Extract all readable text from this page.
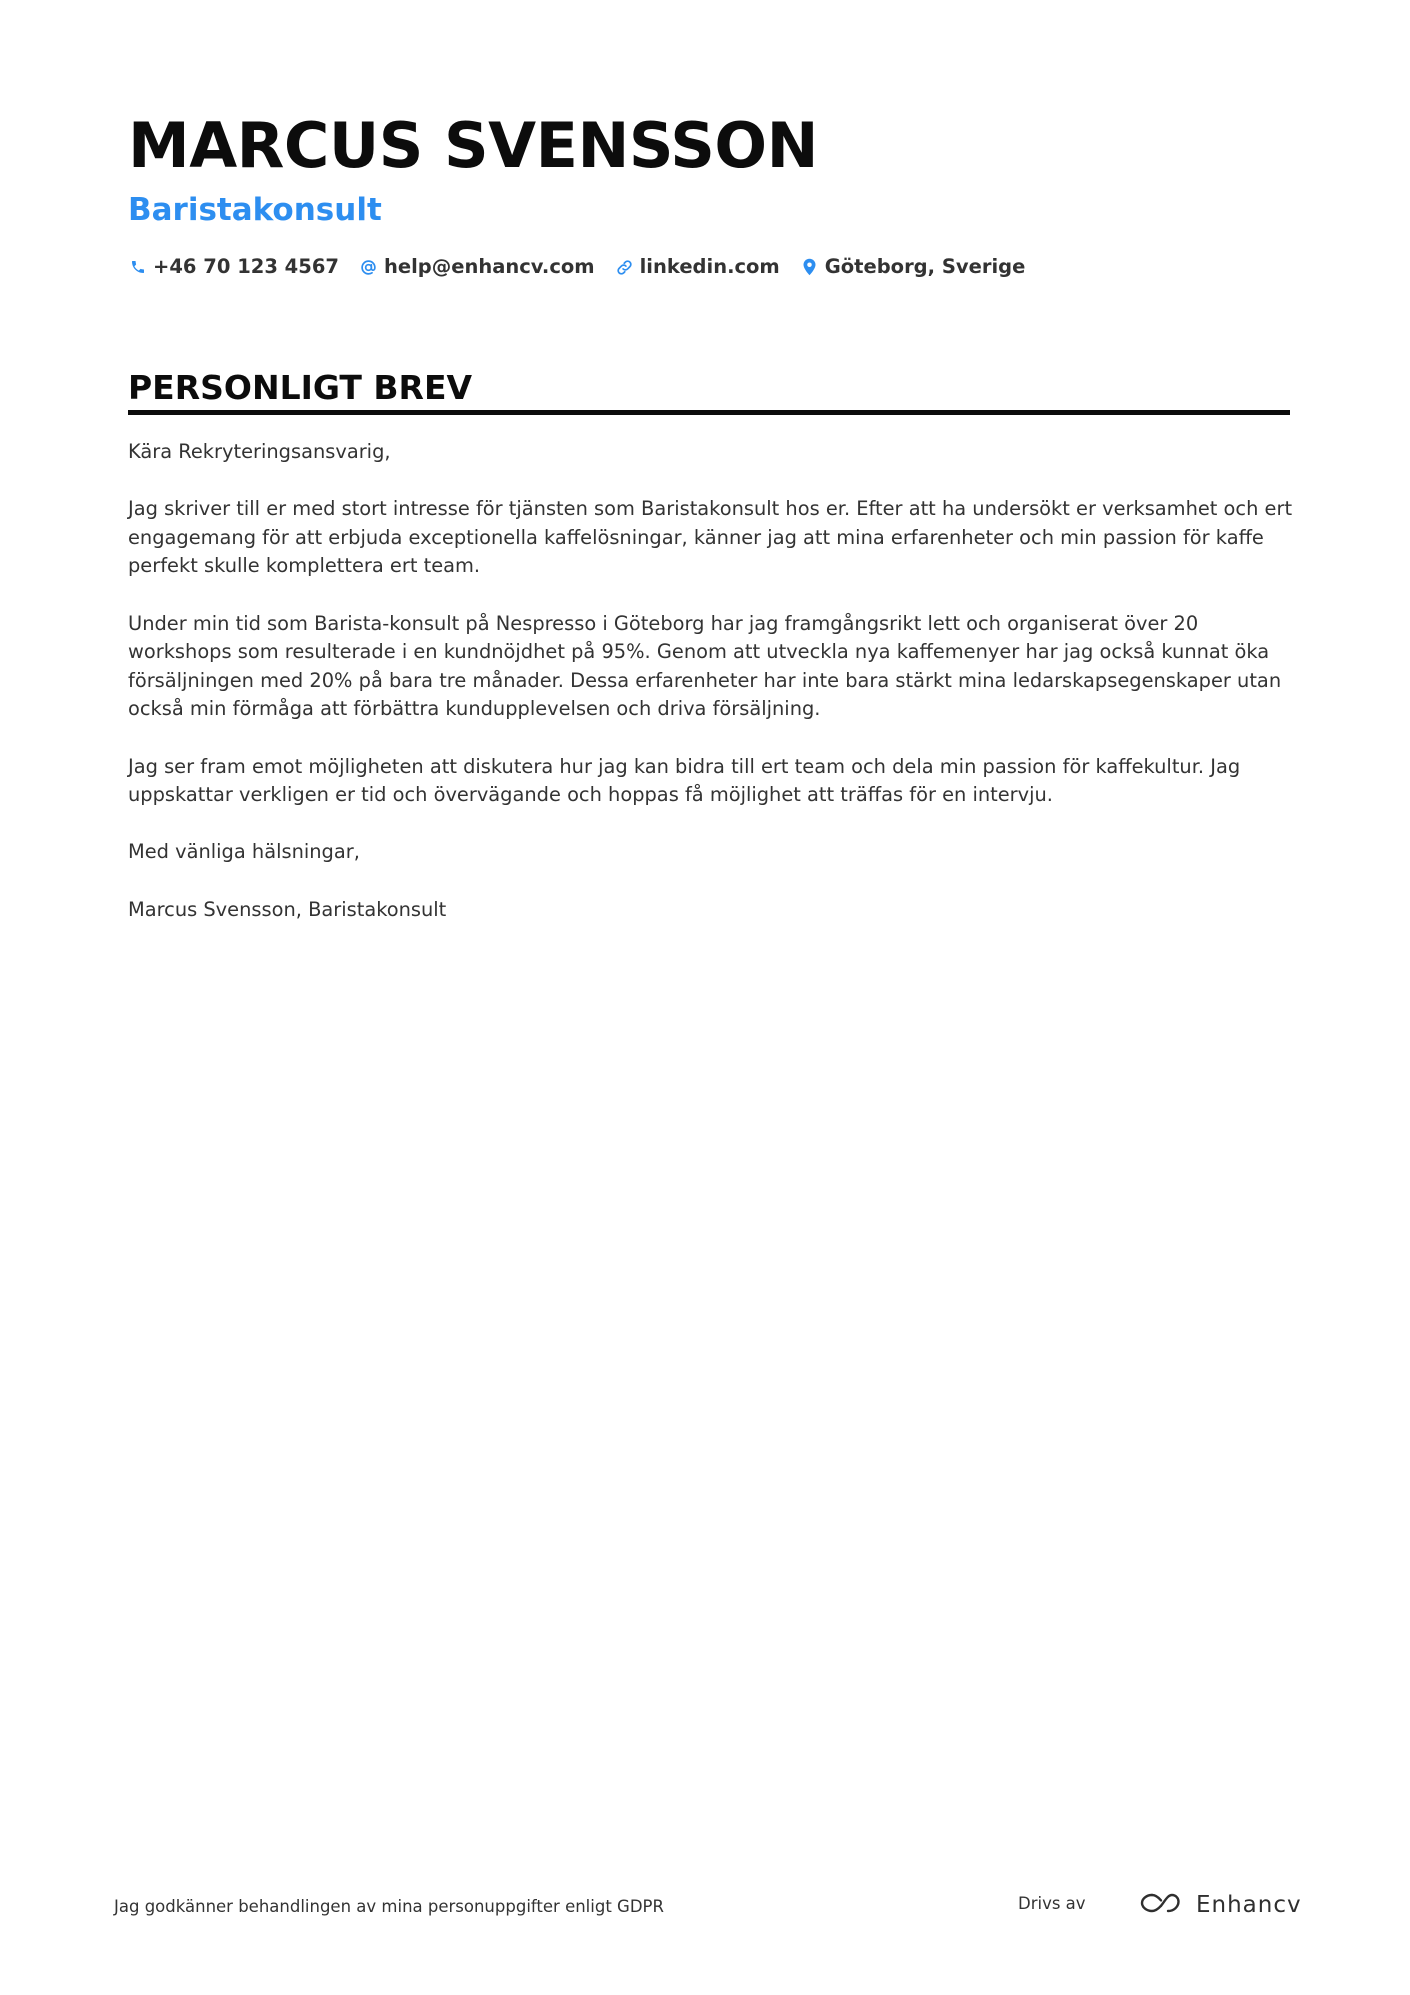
MARCUS SVENSSON
Baristakonsult
+46 70 123 4567 help@enhancv.com linkedin.com Göteborg, Sverige
PERSONLIGT BREV

Kära Rekryteringsansvarig,

Jag skriver till er med stort intresse för tjänsten som Baristakonsult hos er. Efter att ha undersökt er verksamhet och ert engagemang för att erbjuda exceptionella kaffelösningar, känner jag att mina erfarenheter och min passion för kaffe perfekt skulle komplettera ert team.

Under min tid som Barista-konsult på Nespresso i Göteborg har jag framgångsrikt lett och organiserat över 20 workshops som resulterade i en kundnöjdhet på 95%. Genom att utveckla nya kaffemenyer har jag också kunnat öka försäljningen med 20% på bara tre månader. Dessa erfarenheter har inte bara stärkt mina ledarskapsegenskaper utan också min förmåga att förbättra kundupplevelsen och driva försäljning.

Jag ser fram emot möjligheten att diskutera hur jag kan bidra till ert team och dela min passion för kaffekultur. Jag uppskattar verkligen er tid och övervägande och hoppas få möjlighet att träffas för en intervju.

Med vänliga hälsningar,

Marcus Svensson, Baristakonsult

Jag godkänner behandlingen av mina personuppgifter enligt GDPR	Drivs av	Enhancv
